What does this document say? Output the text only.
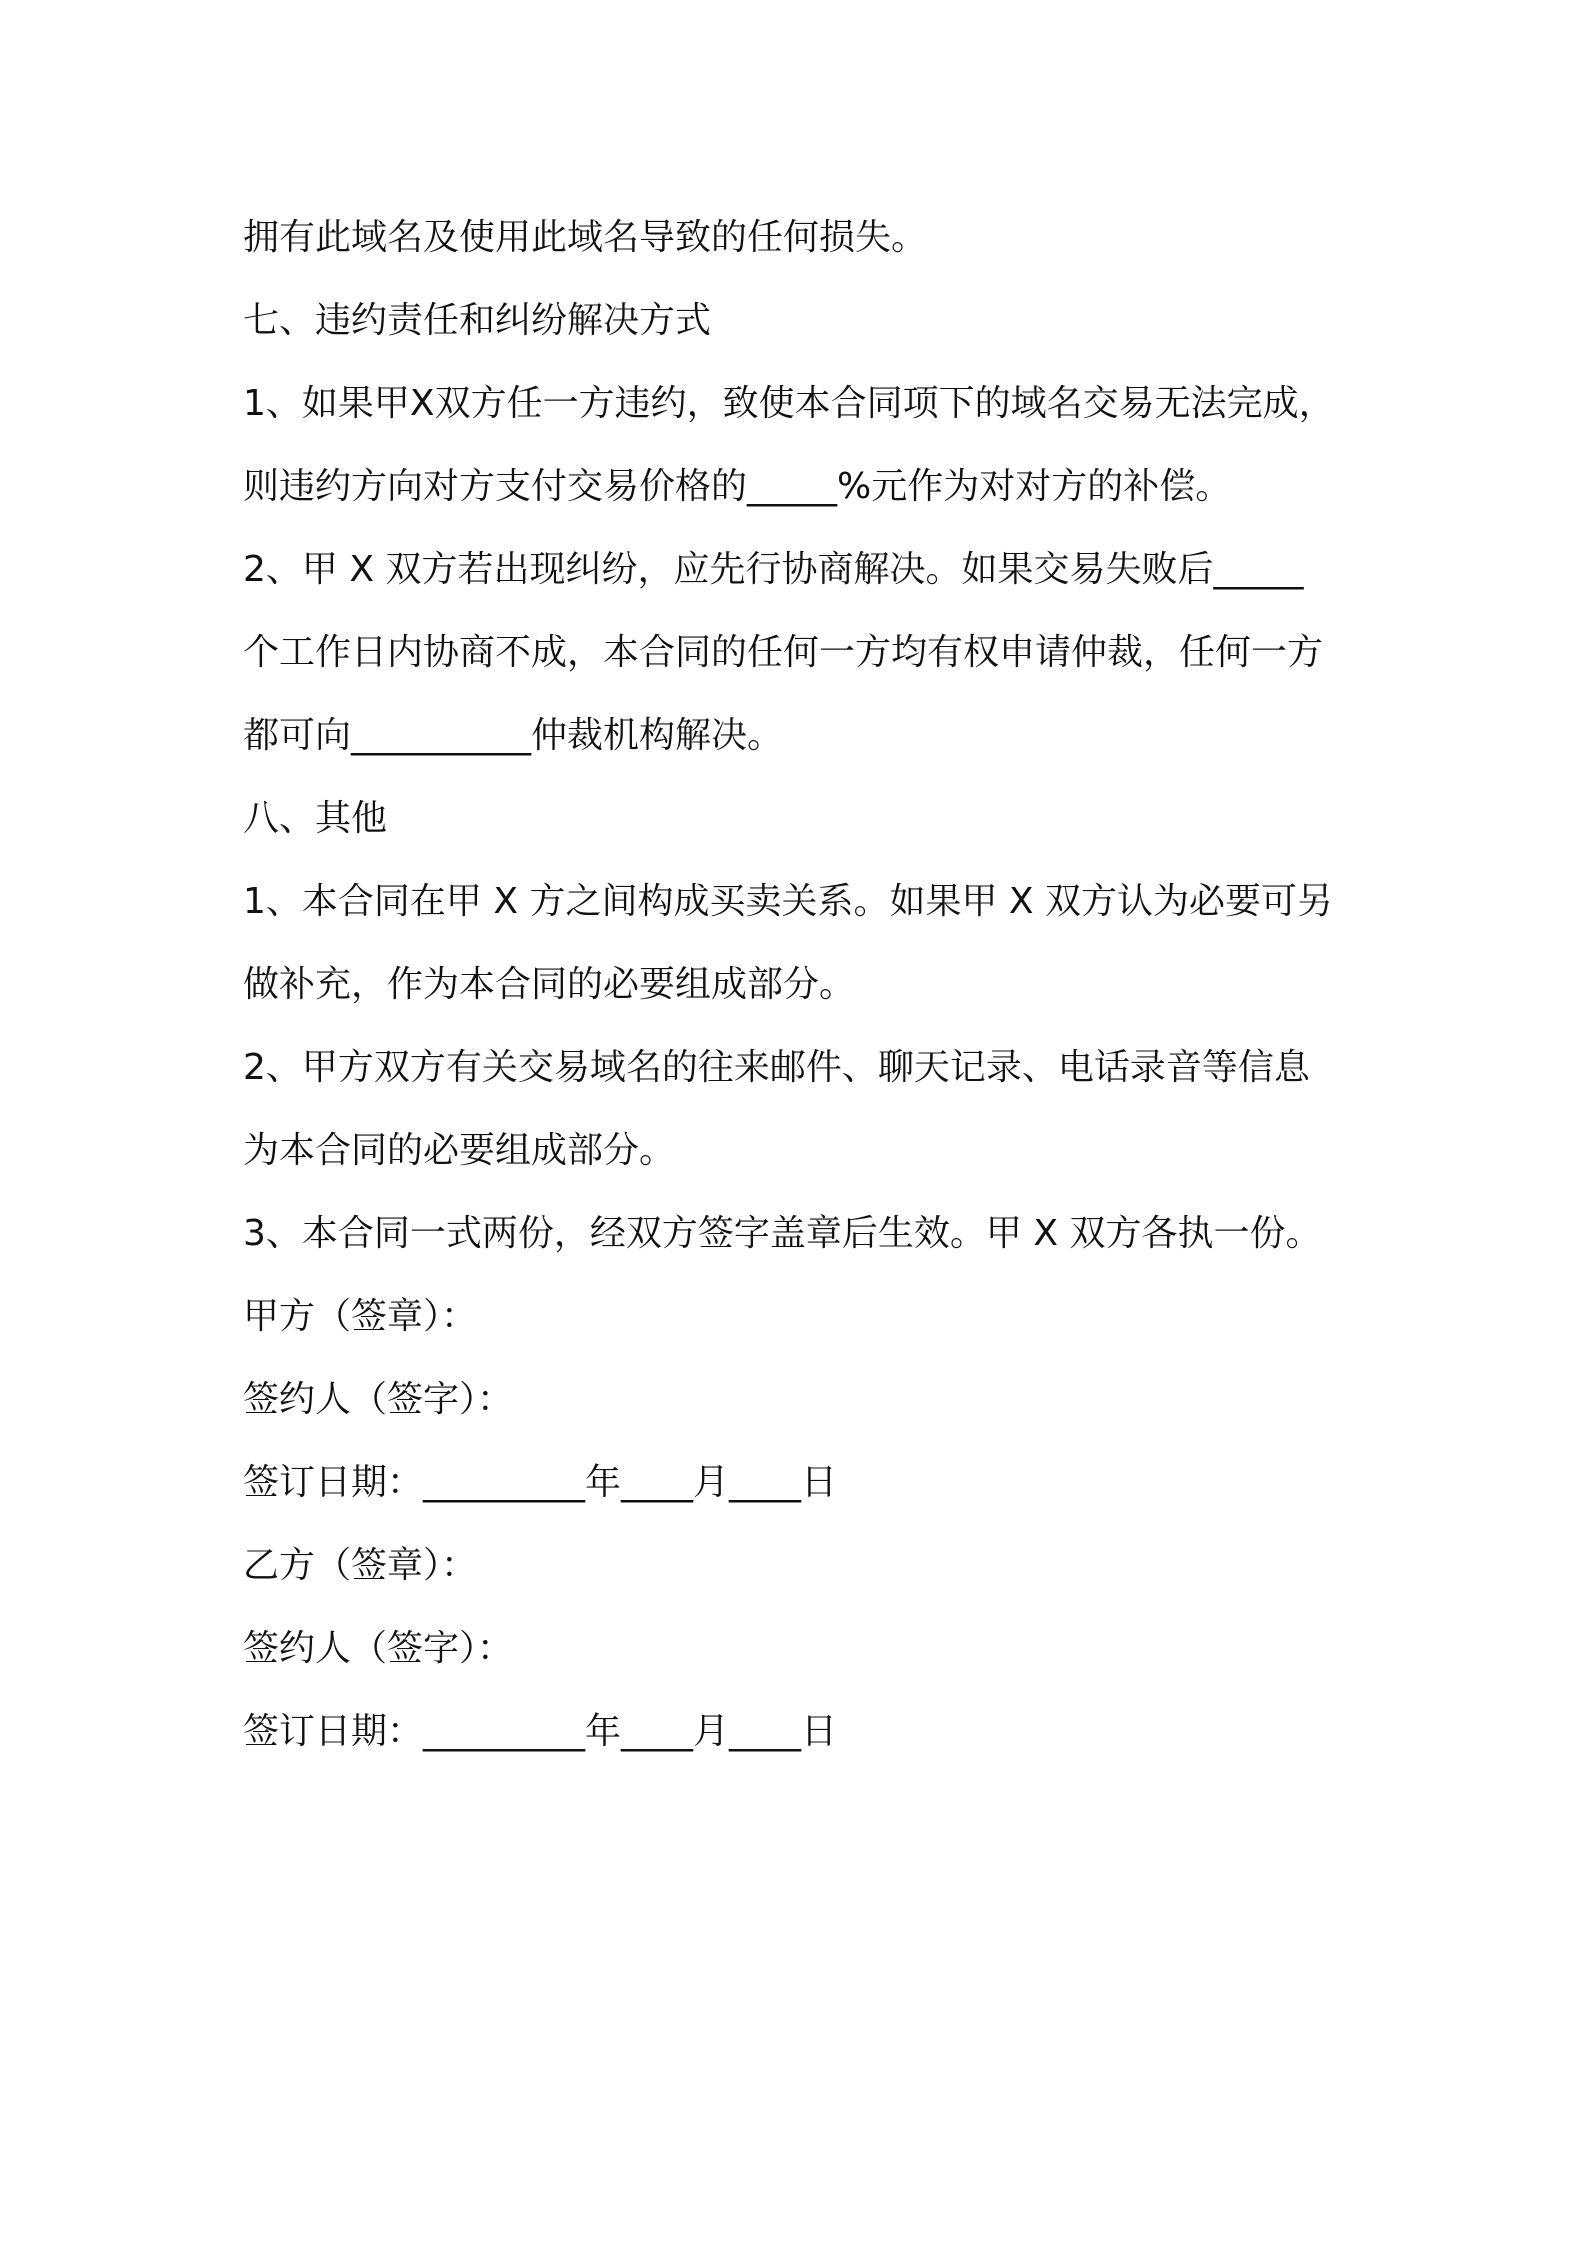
拥有此域名及使用此域名导致的任何损失。

七、违约责任和纠纷解决方式

1、如果甲X双方任一方违约，致使本合同项下的域名交易无法完成，

则违约方向对方支付交易价格的_____%元作为对对方的补偿。

2、甲 X 双方若出现纠纷，应先行协商解决。如果交易失败后_____

个工作日内协商不成，本合同的任何一方均有权申请仲裁，任何一方

都可向__________仲裁机构解决。

八、其他

1、本合同在甲 X 方之间构成买卖关系。如果甲 X 双方认为必要可另

做补充，作为本合同的必要组成部分。

2、甲方双方有关交易域名的往来邮件、聊天记录、电话录音等信息

为本合同的必要组成部分。

3、本合同一式两份，经双方签字盖章后生效。甲 X 双方各执一份。

甲方（签章）：

签约人（签字）：

签订日期：_________年____月____日

乙方（签章）：

签约人（签字）：

签订日期：_________年____月____日
